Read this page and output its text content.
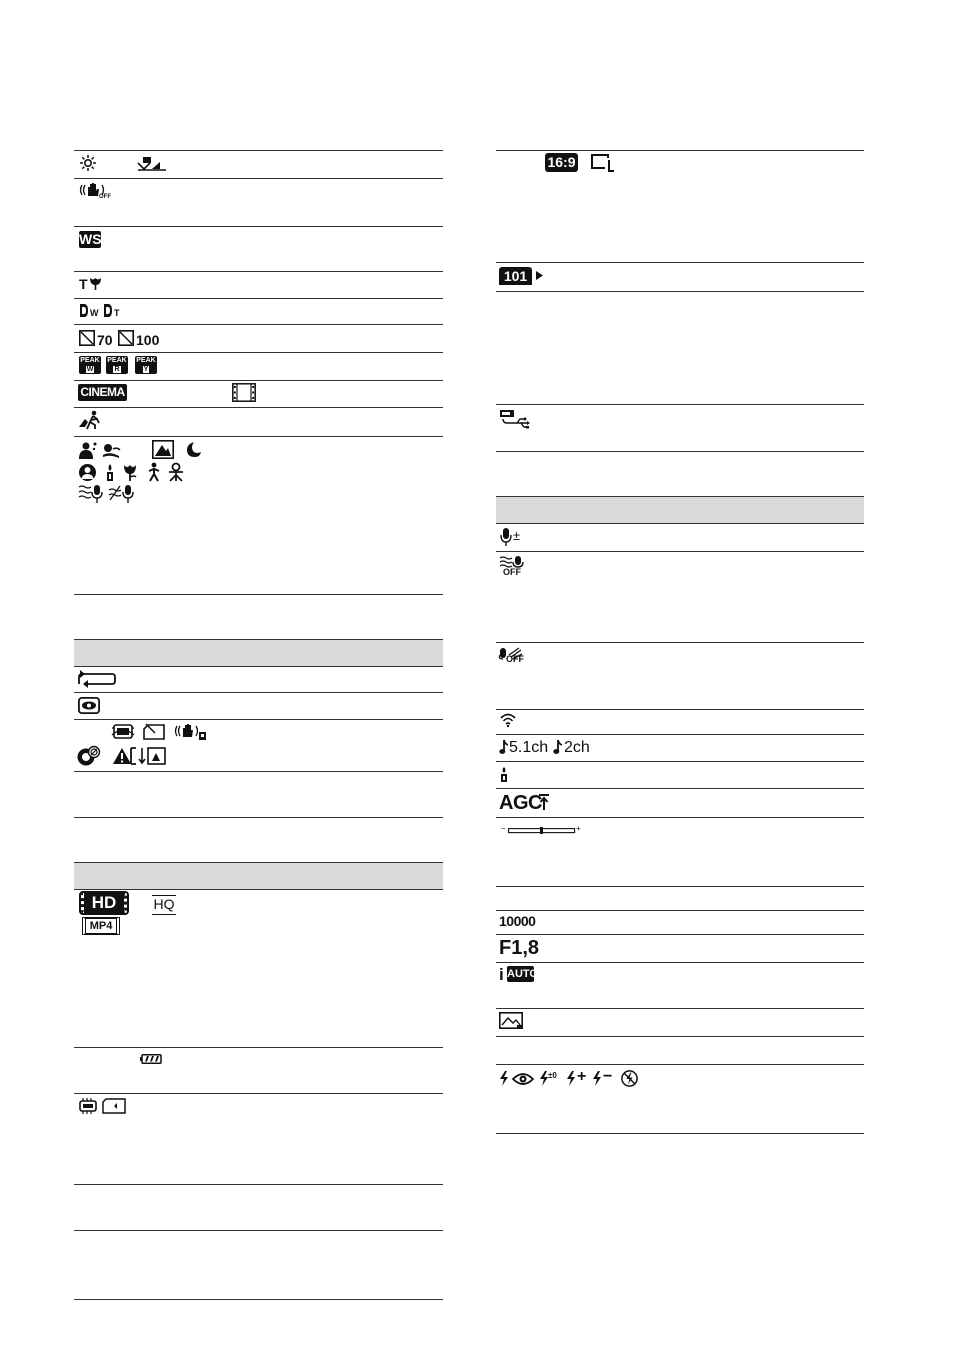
OFF
WS
T
W T
70 100
PEAK
W
PEAK
R
PEAK
Y
CINEMA
HD	HQ
MP4
16:9
101
±
OFF
OFF
5.1ch 2ch
AGC
−	+
10000
F1,8
i AUTO
±0 + −
